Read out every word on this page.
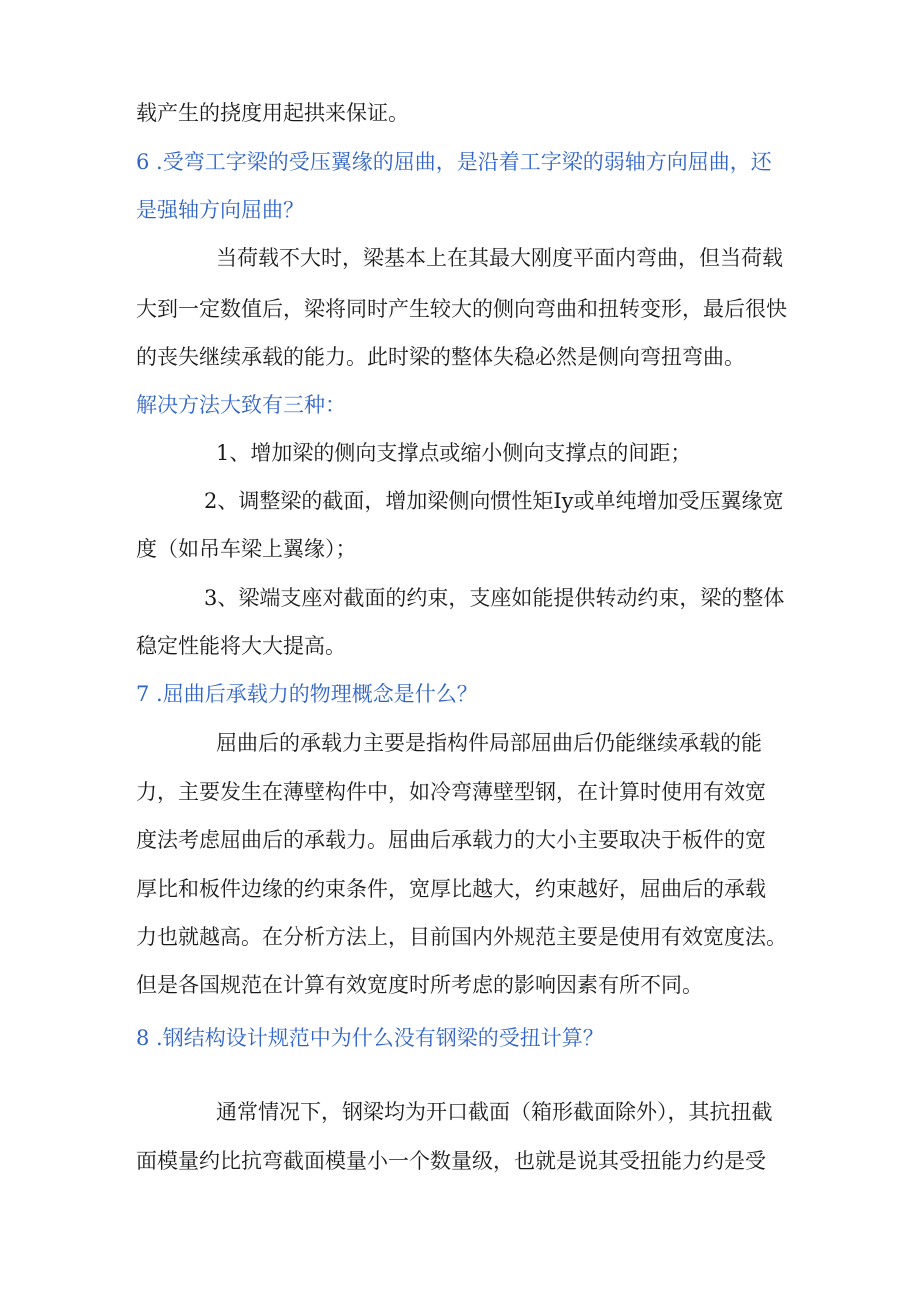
载产生的挠度用起拱来保证。
6 .受弯工字梁的受压翼缘的屈曲，是沿着工字梁的弱轴方向屈曲，还
是强轴方向屈曲？
当荷载不大时，梁基本上在其最大刚度平面内弯曲，但当荷载
大到一定数值后，梁将同时产生较大的侧向弯曲和扭转变形，最后很快
的丧失继续承载的能力。此时梁的整体失稳必然是侧向弯扭弯曲。
解决方法大致有三种：
1、增加梁的侧向支撑点或缩小侧向支撑点的间距；
2、调整梁的截面，增加梁侧向惯性矩Iy或单纯增加受压翼缘宽
度（如吊车梁上翼缘）；
3、梁端支座对截面的约束，支座如能提供转动约束，梁的整体
稳定性能将大大提高。
7 .屈曲后承载力的物理概念是什么？
屈曲后的承载力主要是指构件局部屈曲后仍能继续承载的能
力，主要发生在薄壁构件中，如冷弯薄壁型钢，在计算时使用有效宽
度法考虑屈曲后的承载力。屈曲后承载力的大小主要取决于板件的宽
厚比和板件边缘的约束条件，宽厚比越大，约束越好，屈曲后的承载
力也就越高。在分析方法上，目前国内外规范主要是使用有效宽度法。
但是各国规范在计算有效宽度时所考虑的影响因素有所不同。
8 .钢结构设计规范中为什么没有钢梁的受扭计算？
通常情况下，钢梁均为开口截面（箱形截面除外），其抗扭截
面模量约比抗弯截面模量小一个数量级，也就是说其受扭能力约是受
